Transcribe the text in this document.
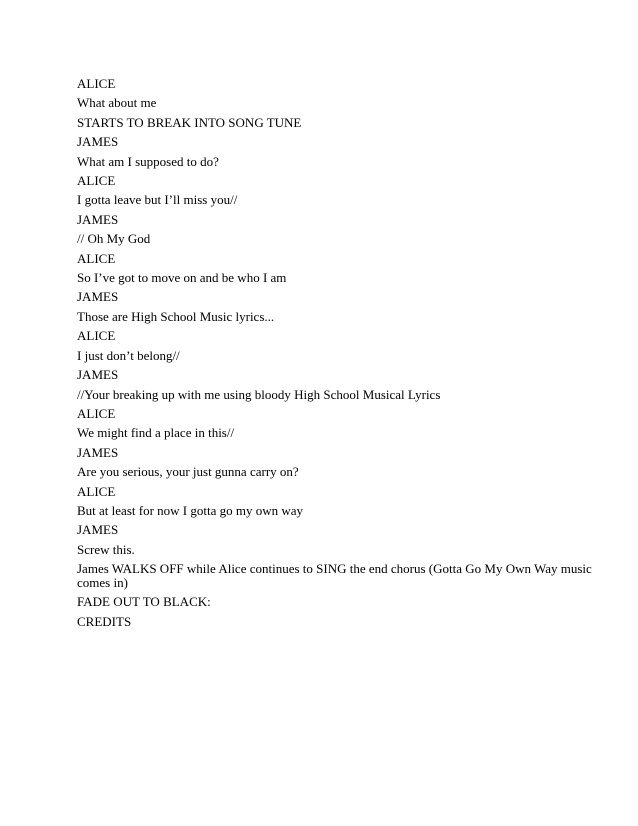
ALICE

What about me

STARTS TO BREAK INTO SONG TUNE

JAMES

What am I supposed to do?

ALICE

I gotta leave but I’ll miss you//

JAMES

// Oh My God

ALICE

So I’ve got to move on and be who I am

JAMES

Those are High School Music lyrics...

ALICE

I just don’t belong//

JAMES

//Your breaking up with me using bloody High School Musical Lyrics

ALICE

We might find a place in this//

JAMES

Are you serious, your just gunna carry on?

ALICE

But at least for now I gotta go my own way

JAMES

Screw this.

James WALKS OFF while Alice continues to SING the end chorus (Gotta Go My Own Way music comes in)

FADE OUT TO BLACK:

CREDITS
